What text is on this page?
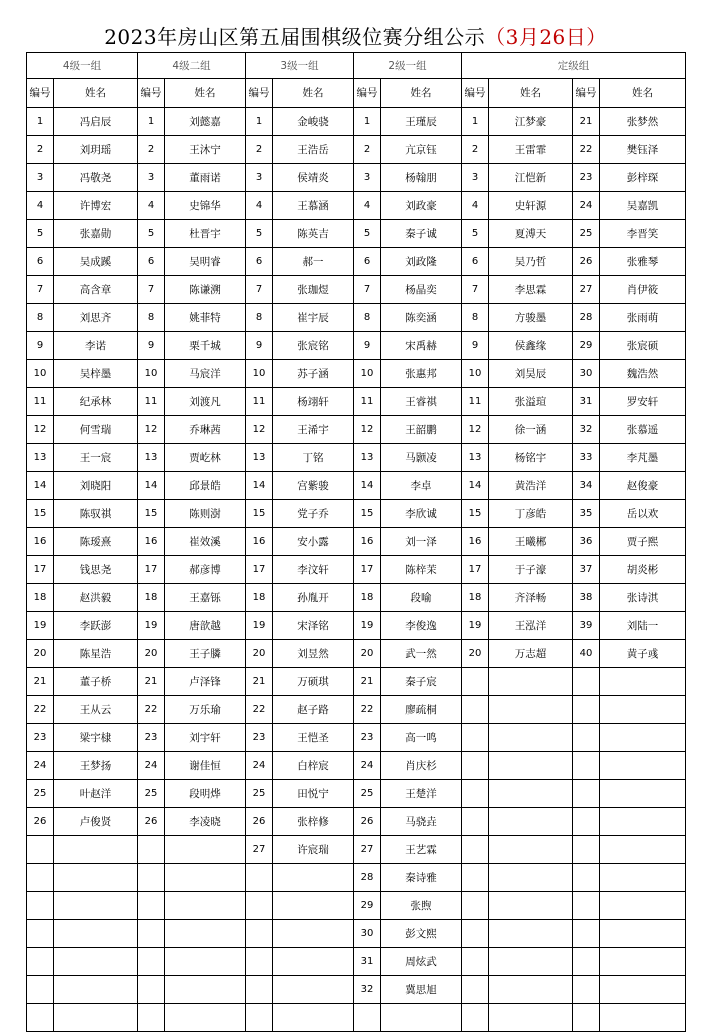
2023年房山区第五届围棋级位赛分组公示（3月26日）
4级一组		4级二组		3级一组		2级一组		定级组			
编号	姓名	编号	姓名	编号	姓名	编号	姓名	编号	姓名	编号	姓名
1	冯启辰	1	刘懿嘉	1	金峻骁	1	王瑾辰	1	江梦豪	21	张梦然
2	刘玥瑶	2	王沐宁	2	王浩岳	2	亢京钰	2	王雷霏	22	樊钰泽
3	冯敬尧	3	董雨诺	3	侯靖炎	3	杨翰朋	3	江恺新	23	彭梓琛
4	许博宏	4	史锦华	4	王慕涵	4	刘政豪	4	史轩源	24	吴嘉凯
5	张嘉勋	5	杜晋宇	5	陈英吉	5	秦子诚	5	夏溥天	25	李晋笑
6	吴成蹊	6	吴明睿	6	郝一	6	刘政隆	6	吴乃哲	26	张雅琴
7	高含章	7	陈谦溯	7	张珈煜	7	杨晶奕	7	李思霖	27	肖伊筱
8	刘思齐	8	姚菲特	8	崔宇辰	8	陈奕涵	8	方骏墨	28	张雨萌
9	李诺	9	栗千城	9	张宸铭	9	宋禹赫	9	侯鑫缘	29	张宸硕
10	吴梓墨	10	马宸洋	10	苏子涵	10	张惠邦	10	刘昊辰	30	魏浩然
11	纪承林	11	刘渡凡	11	杨翊轩	11	王睿祺	11	张溢瑄	31	罗安轩
12	何雪瑞	12	乔琳茜	12	王浠宇	12	王韶鹏	12	徐一涵	32	张慕遥
13	王一宸	13	贾屹林	13	丁铭	13	马颢凌	13	杨铭宇	33	李芃墨
14	刘晓阳	14	邱景皓	14	宫紫骏	14	李卓	14	黄浩洋	34	赵俊豪
15	陈驭祺	15	陈则澍	15	党子乔	15	李欣诚	15	丁彦皓	35	岳以欢
16	陈瑷熹	16	崔效溪	16	安小露	16	刘一泽	16	王曦郴	36	贾子熙
17	钱思尧	17	郝彦博	17	李汶轩	17	陈梓茉	17	于子濠	37	胡炎彬
18	赵洪毅	18	王嘉铄	18	孙胤开	18	段喻	18	齐泽畅	38	张诗淇
19	李跃澎	19	唐歆越	19	宋泽铭	19	李俊逸	19	王泓洋	39	刘陆一
20	陈星浩	20	王子膦	20	刘昱然	20	武一然	20	万志超	40	黄子彧
21	董子桥	21	卢泽锋	21	万硕琪	21	秦子宸				
22	王从云	22	万乐瑜	22	赵子路	22	廖疏桐				
23	梁宇棣	23	刘宇轩	23	王恺圣	23	高一鸣				
24	王梦扬	24	谢佳恒	24	白梓宸	24	肖庆杉				
25	叶赵洋	25	段明烨	25	田悦宁	25	王楚洋				
26	卢俊贤	26	李凌晓	26	张梓修	26	马骁垚				
				27	许宸瑞	27	王艺霖				
						28	秦诗雅				
						29	张煦				
						30	彭文熙				
						31	周炫武				
						32	冀思旭				
